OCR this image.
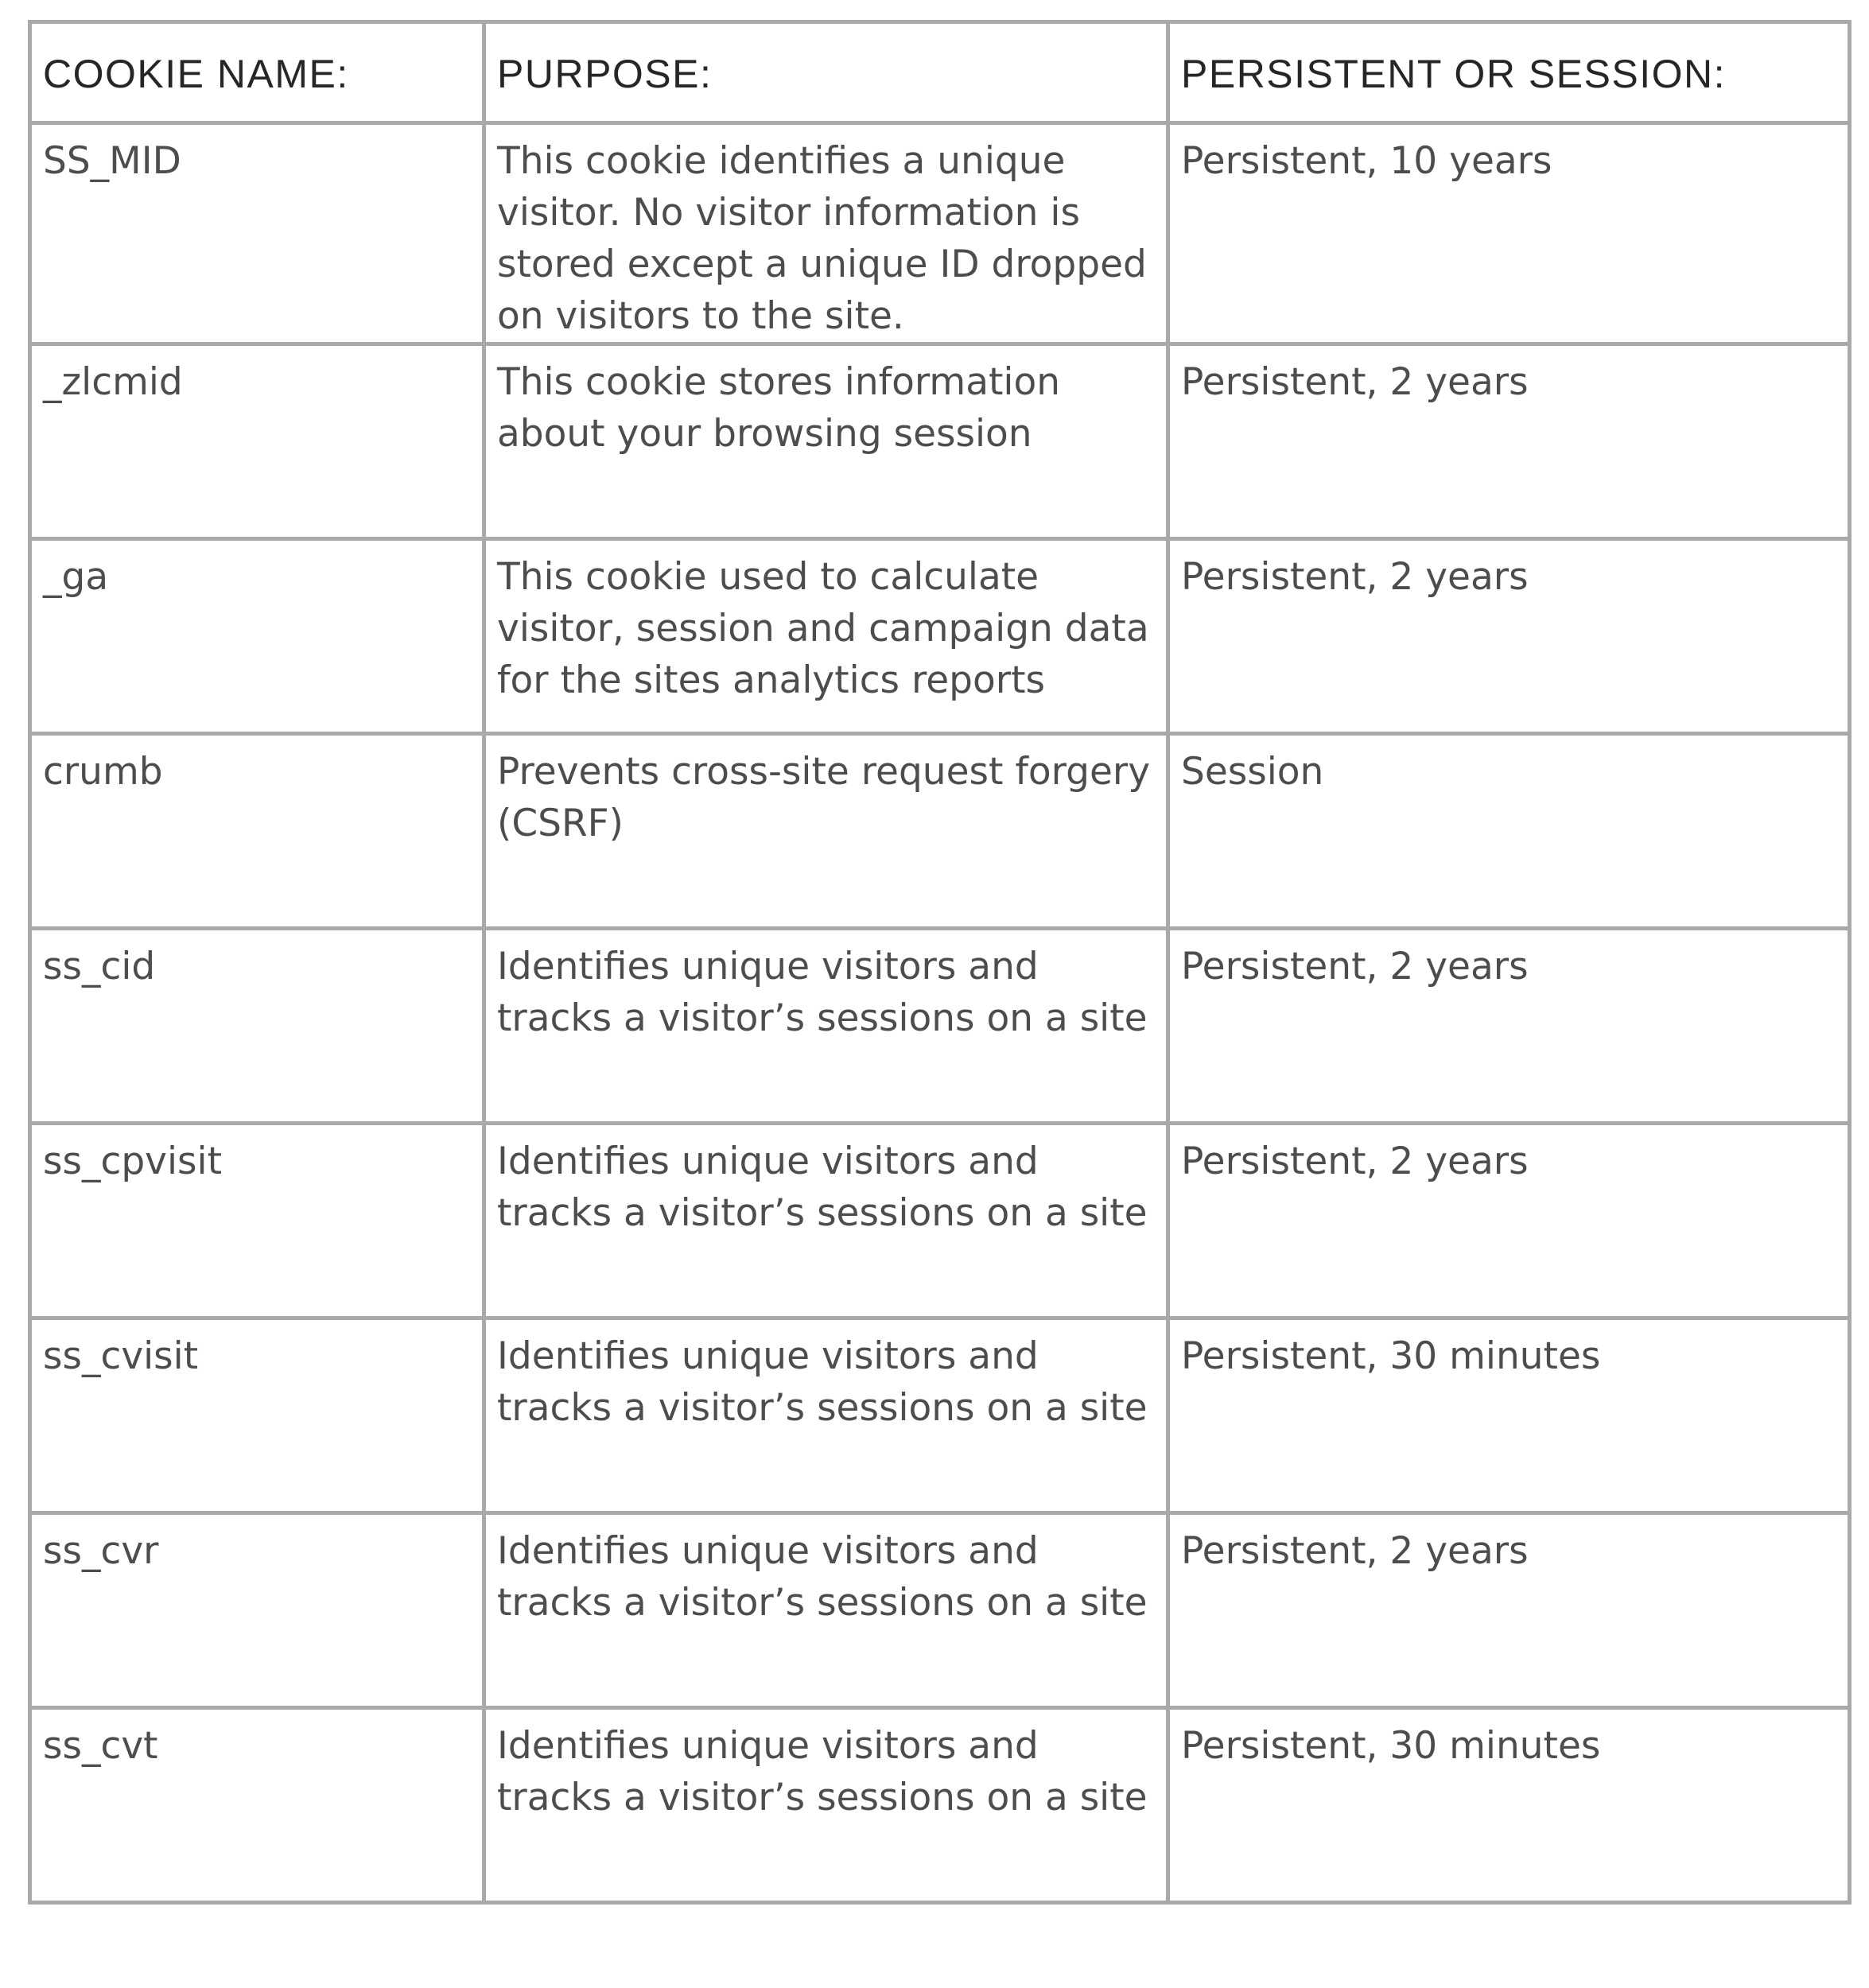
COOKIE NAME:	PURPOSE:	PERSISTENT OR SESSION:
SS_MID	This cookie identifies a unique visitor. No visitor information is stored except a unique ID dropped on visitors to the site.	Persistent, 10 years
_zlcmid	This cookie stores information about your browsing session	Persistent, 2 years
_ga	This cookie used to calculate visitor, session and campaign data for the sites analytics reports	Persistent, 2 years
crumb	Prevents cross-site request forgery (CSRF)	Session
ss_cid	Identifies unique visitors and tracks a visitor’s sessions on a site	Persistent, 2 years
ss_cpvisit	Identifies unique visitors and tracks a visitor’s sessions on a site	Persistent, 2 years
ss_cvisit	Identifies unique visitors and tracks a visitor’s sessions on a site	Persistent, 30 minutes
ss_cvr	Identifies unique visitors and tracks a visitor’s sessions on a site	Persistent, 2 years
ss_cvt	Identifies unique visitors and tracks a visitor’s sessions on a site	Persistent, 30 minutes
